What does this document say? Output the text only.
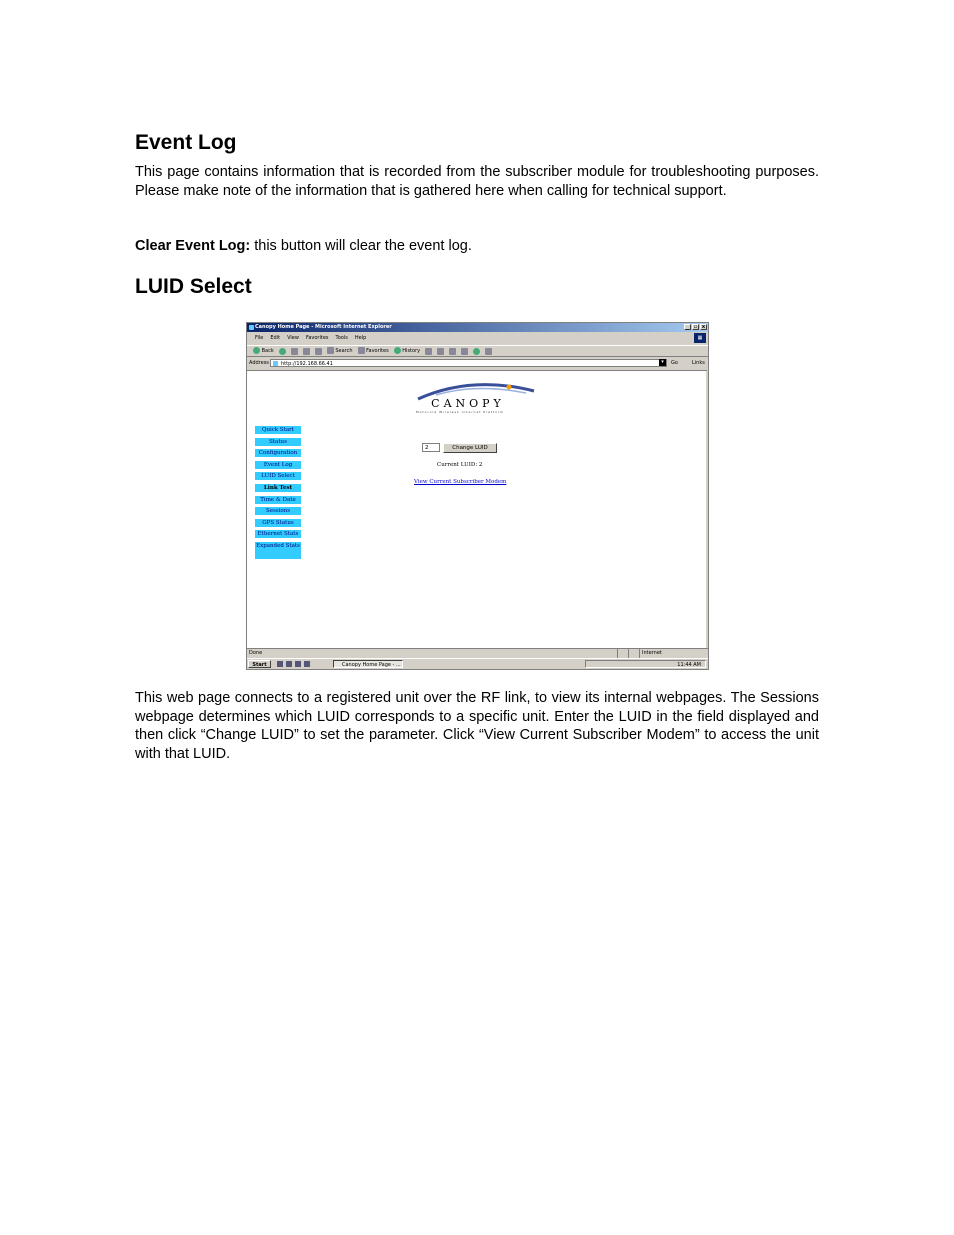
Event Log

This page contains information that is recorded from the subscriber module for troubleshooting purposes. Please make note of the information that is gathered here when calling for technical support.

Clear Event Log: this button will clear the event log.

LUID Select
Canopy Home Page - Microsoft Internet Explorer	_	▫ x
File Edit View Favorites Tools Help	▦
Back	Search	Favorites	History
Address	http://192.168.66.41	▾	Go	Links
CANOPY
Motorola Wireless Internet Platform
Quick Start
Status
Configuration
Event Log
LUID Select
Link Test
Time & Date
Sessions
GPS Status
Ethernet Stats
Expanded Stats
2	Change LUID
Current LUID: 2
View Current Subscriber Modem
Done	Internet
Start	Canopy Home Page - ...	11:44 AM

This web page connects to a registered unit over the RF link, to view its internal webpages. The Sessions webpage determines which LUID corresponds to a specific unit. Enter the LUID in the field displayed and then click “Change LUID” to set the parameter. Click “View Current Subscriber Modem” to access the unit with that LUID.
